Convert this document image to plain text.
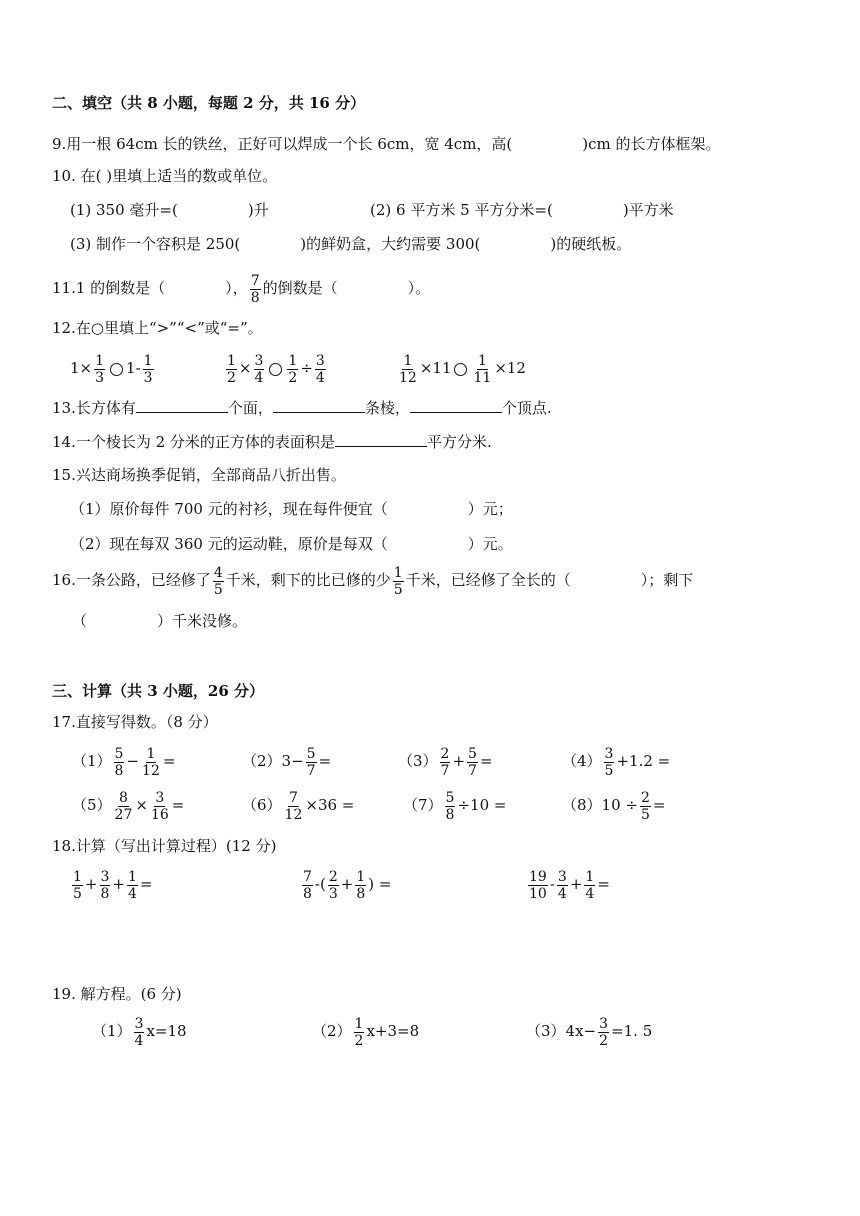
二、填空（共 8 小题，每题 2 分，共 16 分）
9.用一根 64cm 长的铁丝，正好可以焊成一个长 6cm，宽 4cm，高(	)cm 的长方体框架。
10. 在( )里填上适当的数或单位。
(1) 350 毫升=(	)升	(2) 6 平方米 5 平方分米=(	)平方米
(3) 制作一个容积是 250(	)的鲜奶盒，大约需要 300(	)的硬纸板。
11.1 的倒数是（	）， $\frac{7}{8}$ 的倒数是（	）。
12.在○里填上“>”“<”或“=”。
$1\times \frac{1}{3} 1- \frac{1}{3}$	$\frac{1}{2} \times \frac{3}{4} \frac{1}{2} \div \frac{3}{4}$	$\frac{1}{12} \times 11 \frac{1}{11} \times 12$
13.长方体有	个面，	条棱，	个顶点.
14.一个棱长为 2 分米的正方体的表面积是	平方分米.
15.兴达商场换季促销，全部商品八折出售。
（1）原价每件 700 元的衬衫，现在每件便宜（	）元；
（2）现在每双 360 元的运动鞋，原价是每双（	）元。
16.一条公路，已经修了 $\frac{4}{5}$ 千米，剩下的比已修的少 $\frac{1}{5}$ 千米，已经修了全长的（	）；剩下
（	）千米没修。
三、计算（共 3 小题，26 分）
17.直接写得数。（8 分）
$(1) \frac{5}{8} - \frac{1}{12}$ =	$(2)3- \frac{5}{7}$ =	$(3) \frac{2}{7} + \frac{5}{7}$ =	$(4) \frac{3}{5} +1.2$ =
$(5) \frac{8}{27} \times \frac{3}{16}$ =	$(6) \frac{7}{12} \times 36$ =	$(7) \frac{5}{8} \div 10$ =	$(8)10 \div \frac{2}{5}$ =
18.计算（写出计算过程）(12 分)
$\frac{1}{5} + \frac{3}{8} + \frac{1}{4}$ =	$\frac{7}{8}$ -( $\frac{2}{3} + \frac{1}{8}$ ) =	$\frac{19}{10} - \frac{3}{4} + \frac{1}{4}$ =
19. 解方程。(6 分)
$(1) \frac{3}{4} x=18$	$(2) \frac{1}{2} x+3=8$	$(3)4x- \frac{3}{2} =1$. 5
